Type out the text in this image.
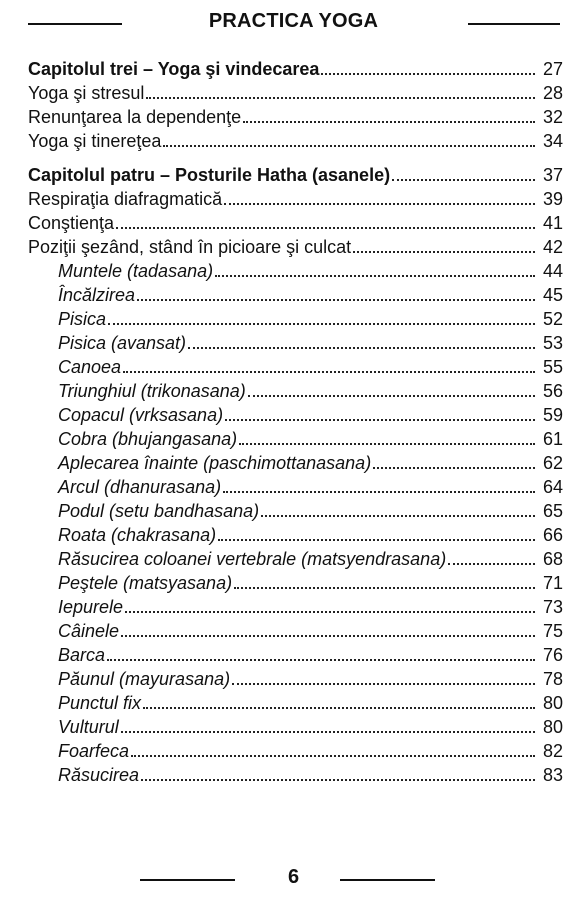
PRACTICA YOGA
Capitolul trei – Yoga şi vindecarea	27
Yoga şi stresul	28
Renunţarea la dependenţe	32
Yoga şi tinereţea	34
Capitolul patru – Posturile Hatha (asanele)	37
Respiraţia diafragmatică	39
Conştienţa	41
Poziţii şezând, stând în picioare şi culcat	42
Muntele (tadasana)	44
Încălzirea	45
Pisica	52
Pisica (avansat)	53
Canoea	55
Triunghiul (trikonasana)	56
Copacul (vrksasana)	59
Cobra (bhujangasana)	61
Aplecarea înainte (paschimottanasana)	62
Arcul (dhanurasana)	64
Podul (setu bandhasana)	65
Roata (chakrasana)	66
Răsucirea coloanei vertebrale (matsyendrasana)	68
Peştele (matsyasana)	71
Iepurele	73
Câinele	75
Barca	76
Păunul (mayurasana)	78
Punctul fix	80
Vulturul	80
Foarfeca	82
Răsucirea	83
6
